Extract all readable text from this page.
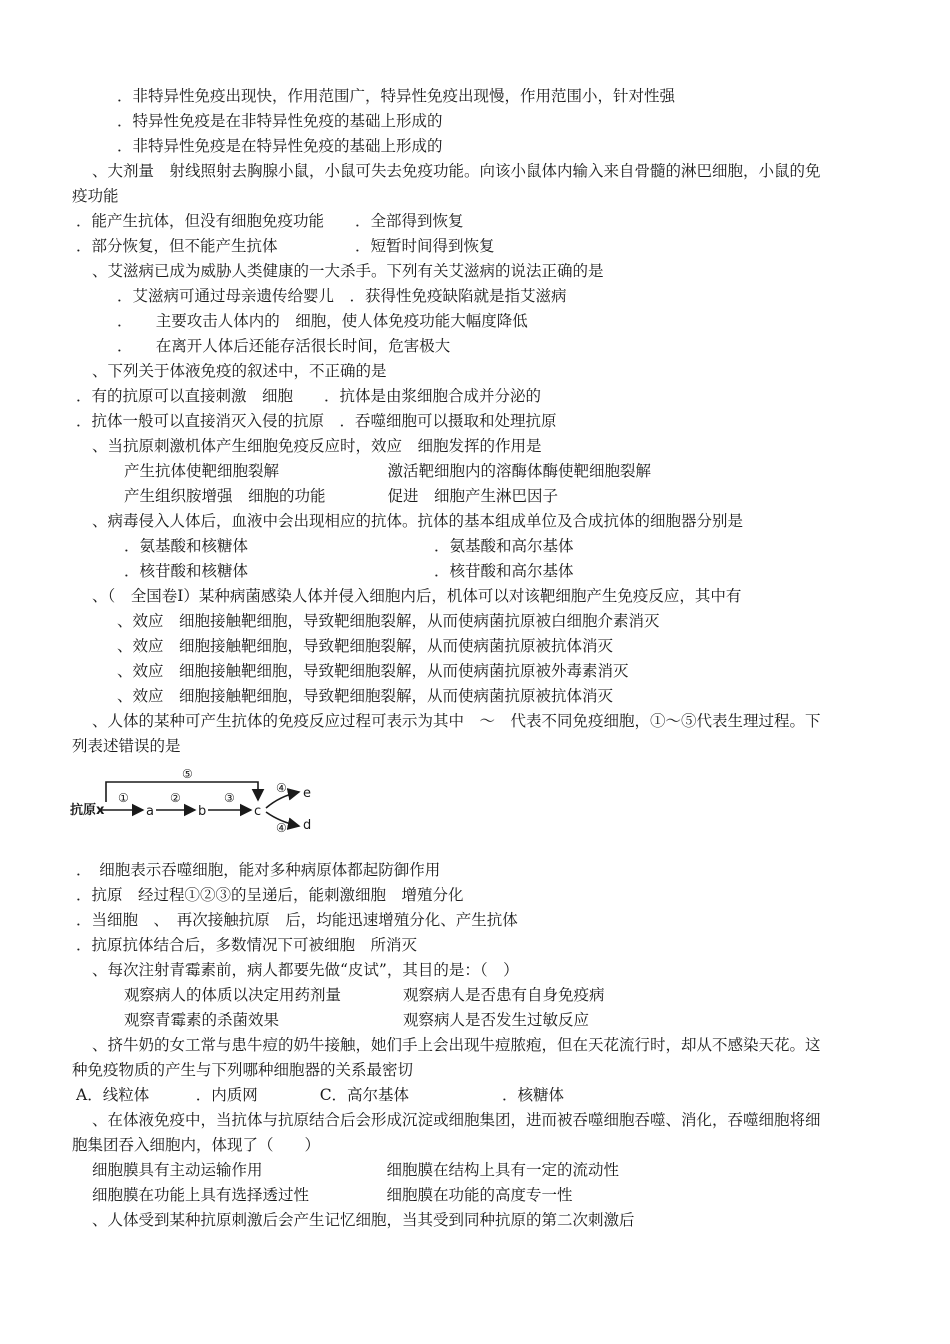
．非特异性免疫出现快，作用范围广，特异性免疫出现慢，作用范围小，针对性强
．特异性免疫是在非特异性免疫的基础上形成的
．非特异性免疫是在特异性免疫的基础上形成的
、大剂量　射线照射去胸腺小鼠，小鼠可失去免疫功能。向该小鼠体内输入来自骨髓的淋巴细胞，小鼠的免
疫功能
．能产生抗体，但没有细胞免疫功能　　．全部得到恢复
．部分恢复，但不能产生抗体　　　　　．短暂时间得到恢复
、艾滋病已成为威胁人类健康的一大杀手。下列有关艾滋病的说法正确的是
．艾滋病可通过母亲遗传给婴儿　．获得性免疫缺陷就是指艾滋病
．　　主要攻击人体内的　细胞，使人体免疫功能大幅度降低
．　　在离开人体后还能存活很长时间，危害极大
、下列关于体液免疫的叙述中，不正确的是
．有的抗原可以直接刺激　细胞　　．抗体是由浆细胞合成并分泌的
．抗体一般可以直接消灭入侵的抗原　．吞噬细胞可以摄取和处理抗原
、当抗原刺激机体产生细胞免疫反应时，效应　细胞发挥的作用是
产生抗体使靶细胞裂解　　　　　　　激活靶细胞内的溶酶体酶使靶细胞裂解
产生组织胺增强　细胞的功能　　　　促进　细胞产生淋巴因子
、病毒侵入人体后，血液中会出现相应的抗体。抗体的基本组成单位及合成抗体的细胞器分别是
．氨基酸和核糖体　　　　　　　　　　　　．氨基酸和高尔基体
．核苷酸和核糖体　　　　　　　　　　　　．核苷酸和高尔基体
、（　全国卷Ⅰ）某种病菌感染人体并侵入细胞内后，机体可以对该靶细胞产生免疫反应，其中有
、效应　细胞接触靶细胞，导致靶细胞裂解，从而使病菌抗原被白细胞介素消灭
、效应　细胞接触靶细胞，导致靶细胞裂解，从而使病菌抗原被抗体消灭
、效应　细胞接触靶细胞，导致靶细胞裂解，从而使病菌抗原被外毒素消灭
、效应　细胞接触靶细胞，导致靶细胞裂解，从而使病菌抗原被抗体消灭
、人体的某种可产生抗体的免疫反应过程可表示为其中　～　代表不同免疫细胞，①～⑤代表生理过程。下
列表述错误的是
抗原x	a	b	c
e
d
①	②	③
⑤
④
④
．　细胞表示吞噬细胞，能对多种病原体都起防御作用
．抗原　经过程①②③的呈递后，能刺激细胞　增殖分化
．当细胞　、　再次接触抗原　后，均能迅速增殖分化、产生抗体
．抗原抗体结合后，多数情况下可被细胞　所消灭
、每次注射青霉素前，病人都要先做“皮试”，其目的是：（　）
观察病人的体质以决定用药剂量　　　　观察病人是否患有自身免疫病
观察青霉素的杀菌效果　　　　　　　　观察病人是否发生过敏反应
、挤牛奶的女工常与患牛痘的奶牛接触，她们手上会出现牛痘脓疱，但在天花流行时，却从不感染天花。这
种免疫物质的产生与下列哪种细胞器的关系最密切
A．线粒体　　　．内质网　　　　C．高尔基体　　　　　　．核糖体
、在体液免疫中，当抗体与抗原结合后会形成沉淀或细胞集团，进而被吞噬细胞吞噬、消化，吞噬细胞将细
胞集团吞入细胞内，体现了（　　）
细胞膜具有主动运输作用　　　　　　　　细胞膜在结构上具有一定的流动性
细胞膜在功能上具有选择透过性　　　　　细胞膜在功能的高度专一性
、人体受到某种抗原刺激后会产生记忆细胞，当其受到同种抗原的第二次刺激后
